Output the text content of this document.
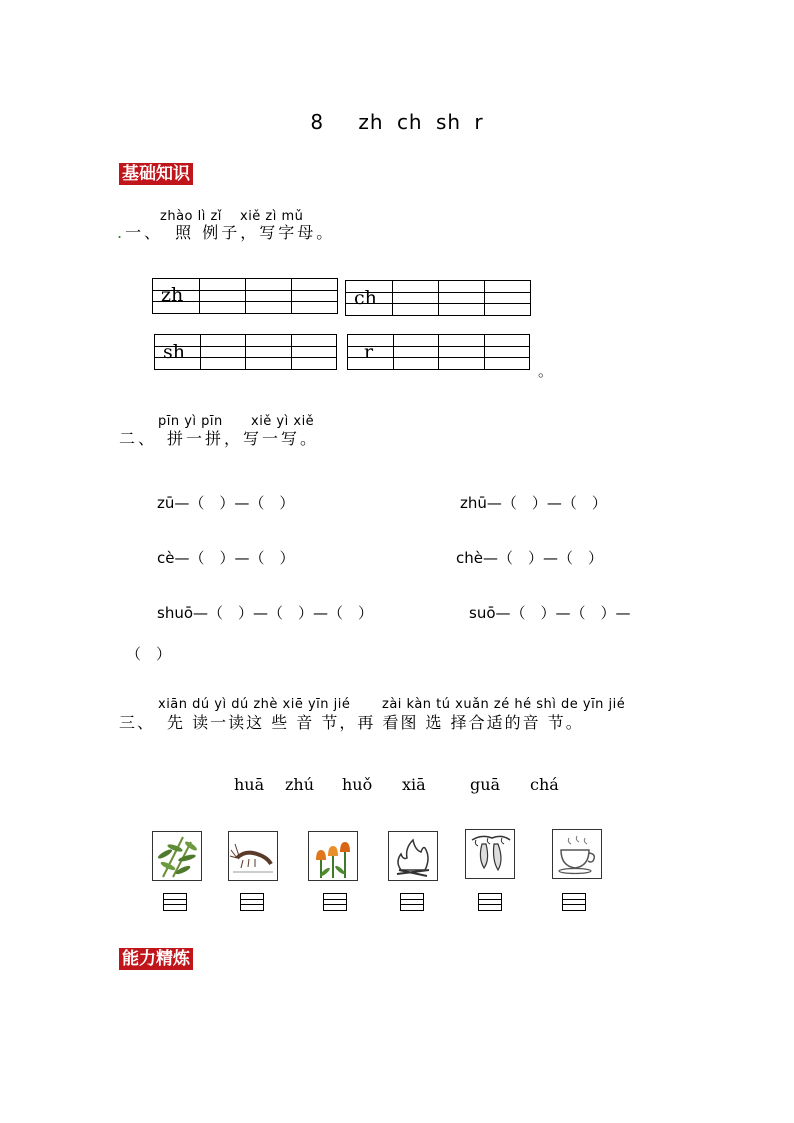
8　 zh ch sh r
基础知识
zhào lì zǐ xiě zì mǔ
.一、 照 例子，写字母。
zh	ch
sh	r
。
pīn yì pīn xiě yì xiě
二、 拼一拼，写一写。
zū—（　）—（　）	zhū—（　）—（　）
cè—（　）—（　）	chè—（　）—（　）
shuō—（　）—（　）—（　）	suō—（　）—（　）—
（　）
xiān dú yì dú zhè xiē yīn jié zài kàn tú xuǎn zé hé shì de yīn jié
三、 先 读一读这 些 音 节，再 看图 选 择合适的音 节。
huā zhú huǒ xiā	guā chá
能力精炼
